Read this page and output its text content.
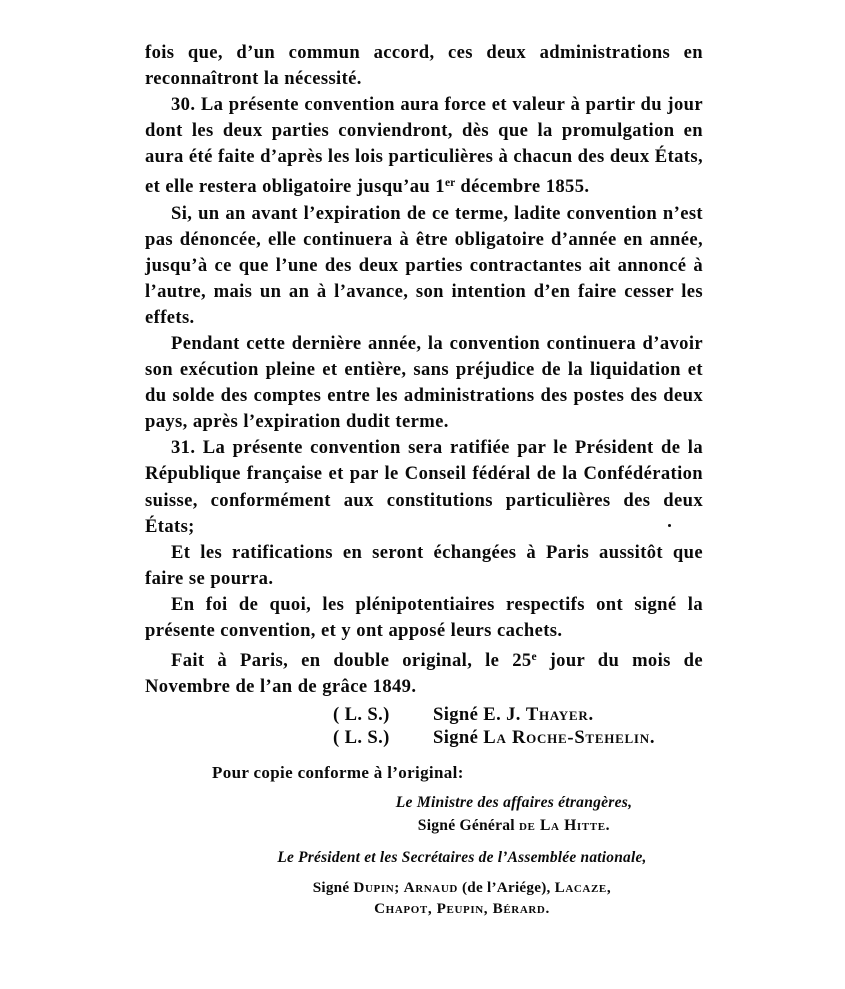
fois que, d’un commun accord, ces deux administrations en reconnaîtront la nécessité.

30. La présente convention aura force et valeur à partir du jour dont les deux parties conviendront, dès que la promulgation en aura été faite d’après les lois particulières à chacun des deux États, et elle restera obligatoire jusqu’au 1er décembre 1855.

Si, un an avant l’expiration de ce terme, ladite convention n’est pas dénoncée, elle continuera à être obligatoire d’année en année, jusqu’à ce que l’une des deux parties contractantes ait annoncé à l’autre, mais un an à l’avance, son intention d’en faire cesser les effets.

Pendant cette dernière année, la convention continuera d’avoir son exécution pleine et entière, sans préjudice de la liquidation et du solde des comptes entre les administrations des postes des deux pays, après l’expiration dudit terme.

31. La présente convention sera ratifiée par le Président de la République française et par le Conseil fédéral de la Confédération suisse, conformément aux constitutions particulières des deux États;

Et les ratifications en seront échangées à Paris aussitôt que faire se pourra.

En foi de quoi, les plénipotentiaires respectifs ont signé la présente convention, et y ont apposé leurs cachets.

Fait à Paris, en double original, le 25e jour du mois de Novembre de l’an de grâce 1849.

( L. S.) Signé E. J. Thayer.
( L. S.) Signé La Roche-Stehelin.
Pour copie conforme à l’original:
Le Ministre des affaires étrangères,
Signé Général de La Hitte.
Le Président et les Secrétaires de l’Assemblée nationale,
Signé Dupin; Arnaud (de l’Ariége), Lacaze,
Chapot, Peupin, Bérard.
